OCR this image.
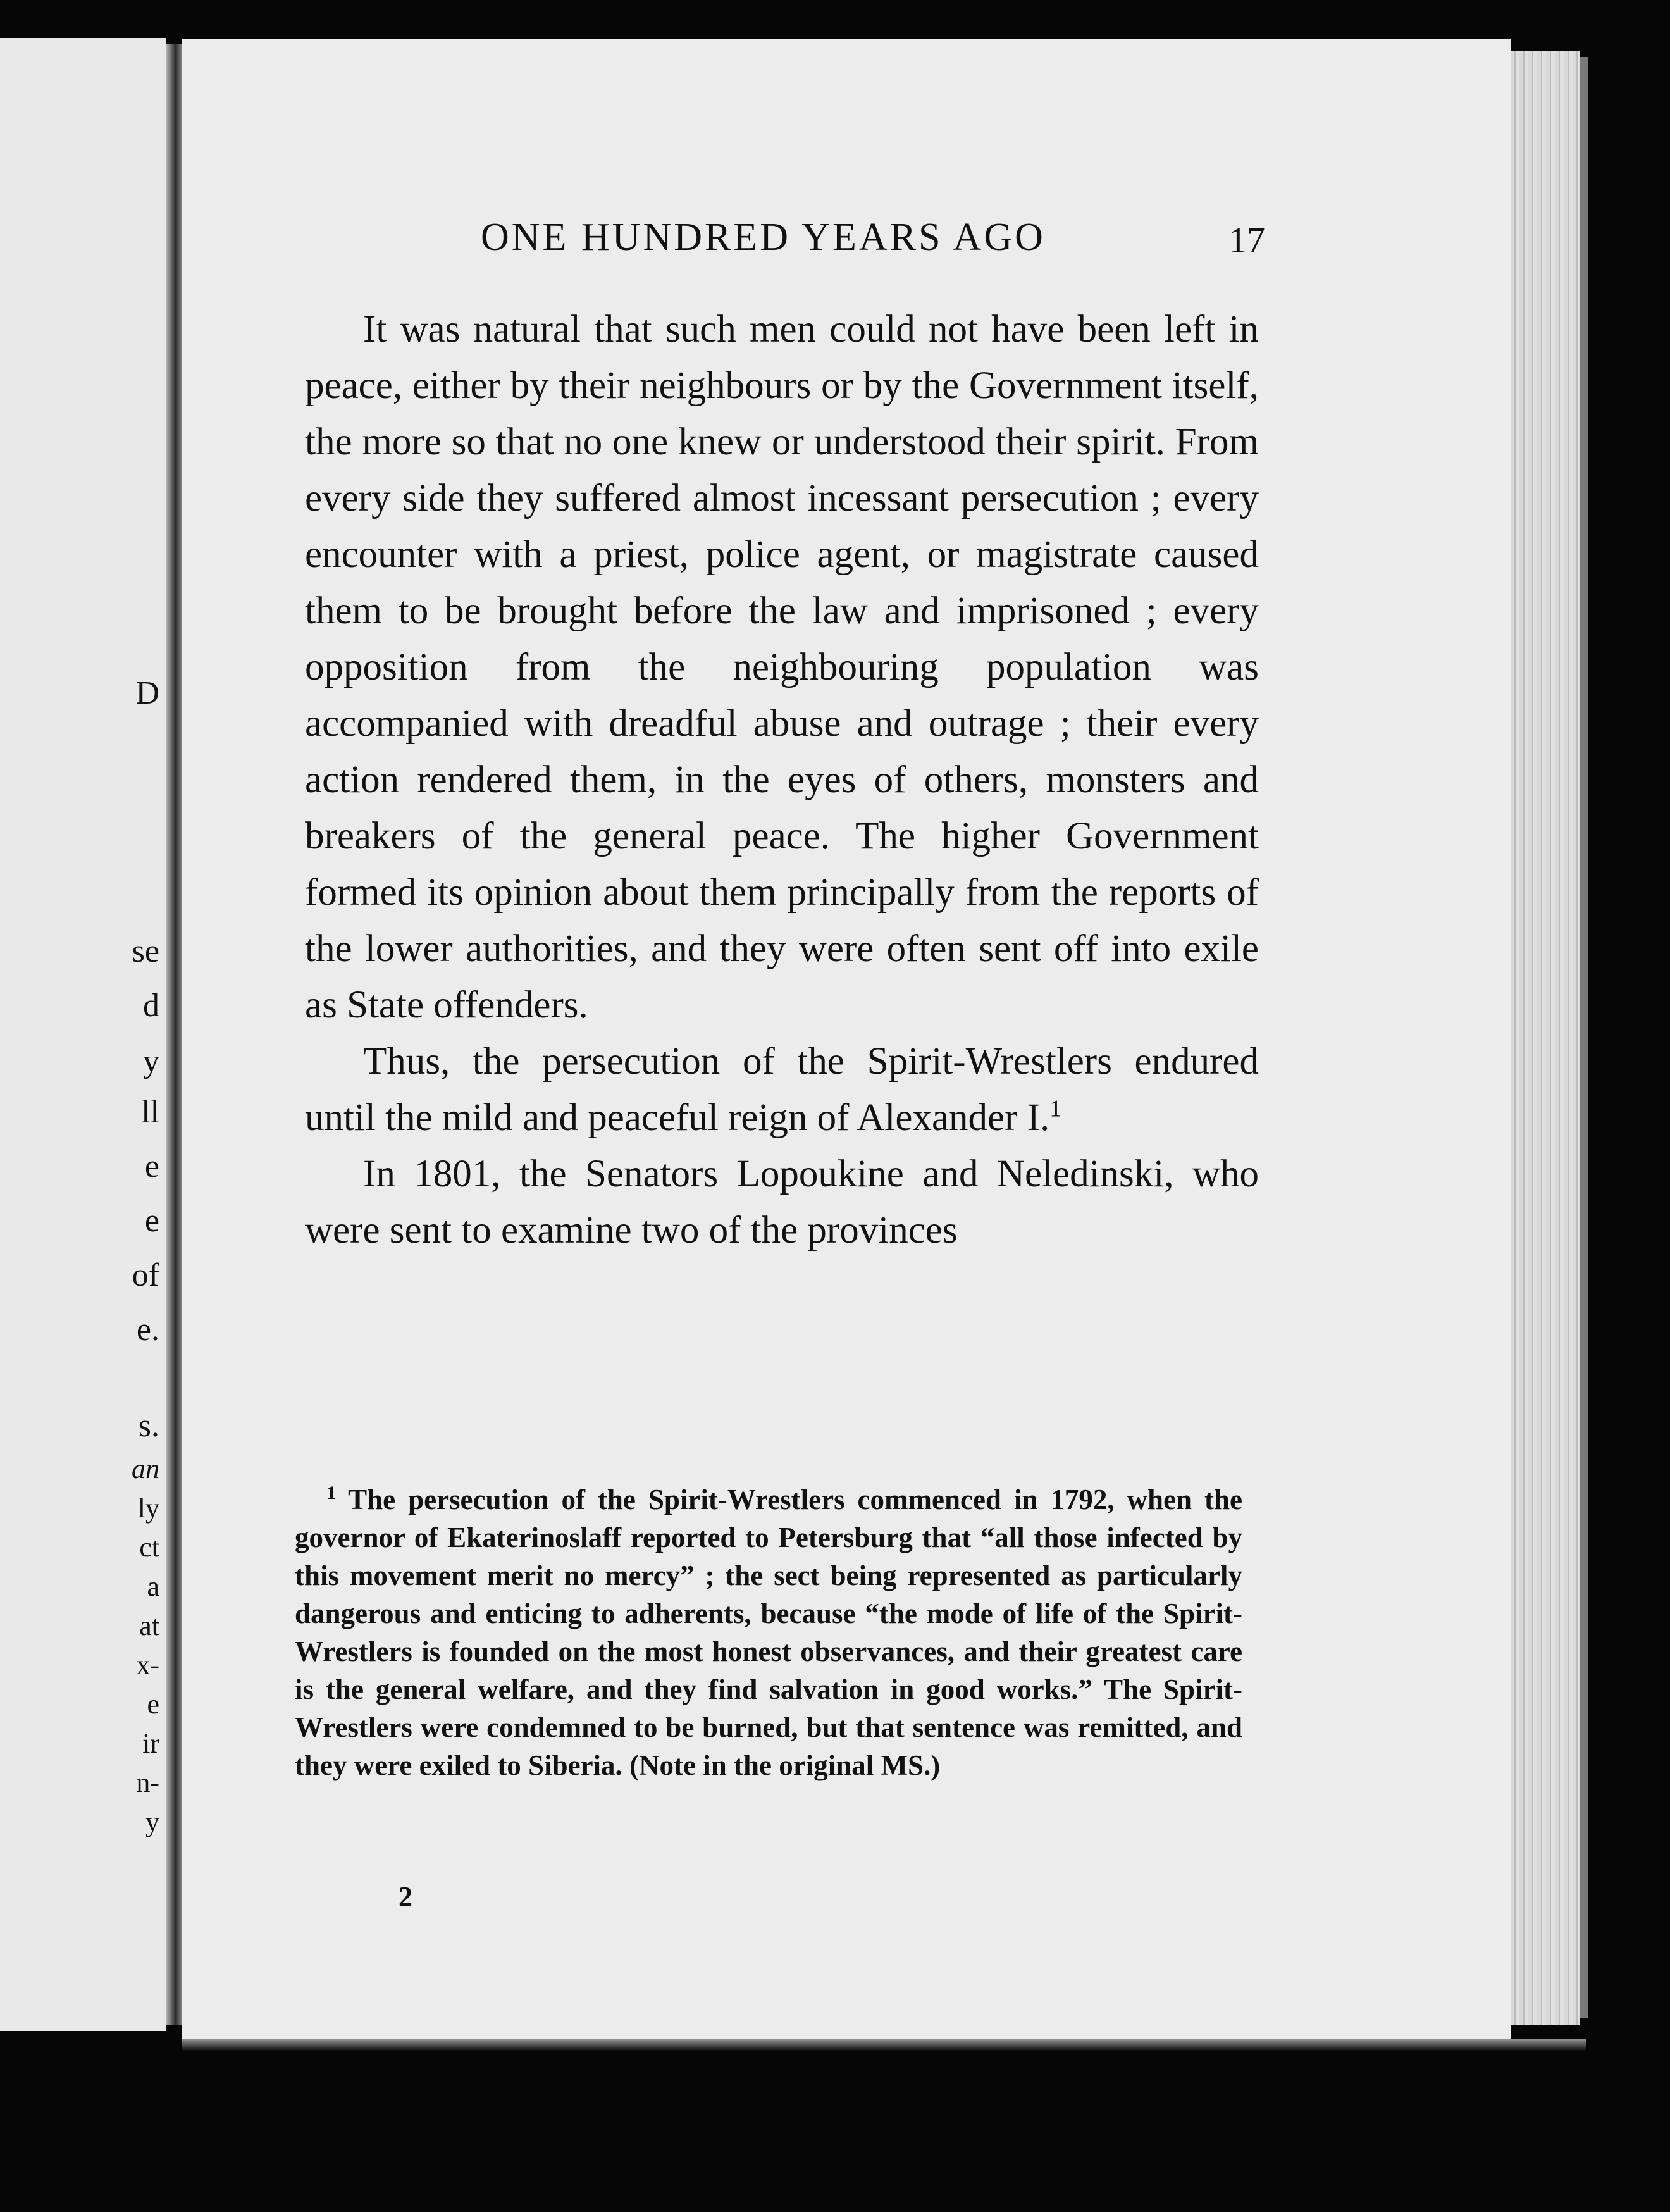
D

se

d

y

ll

e

e

of

e.

s.

an

ly

ct

a

at

x-

e

ir

n-

y

ONE HUNDRED YEARS AGO	17

It was natural that such men could not have been left in peace, either by their neighbours or by the Government itself, the more so that no one knew or understood their spirit. From every side they suffered almost incessant persecution ; every encounter with a priest, police agent, or magistrate caused them to be brought before the law and imprisoned ; every opposition from the neighbouring population was accompanied with dreadful abuse and outrage ; their every action rendered them, in the eyes of others, monsters and breakers of the general peace. The higher Government formed its opinion about them principally from the reports of the lower authorities, and they were often sent off into exile as State offenders.

Thus, the persecution of the Spirit-Wrestlers endured until the mild and peaceful reign of Alexander I.$^1$

In 1801, the Senators Lopoukine and Neledinski, who were sent to examine two of the provinces

$^1$ The persecution of the Spirit-Wrestlers commenced in 1792, when the governor of Ekaterinoslaff reported to Petersburg that “all those infected by this movement merit no mercy” ; the sect being represented as particularly dangerous and enticing to adherents, because “the mode of life of the Spirit-Wrestlers is founded on the most honest observances, and their greatest care is the general welfare, and they find salvation in good works.” The Spirit-Wrestlers were condemned to be burned, but that sentence was remitted, and they were exiled to Siberia. (Note in the original MS.)

2
